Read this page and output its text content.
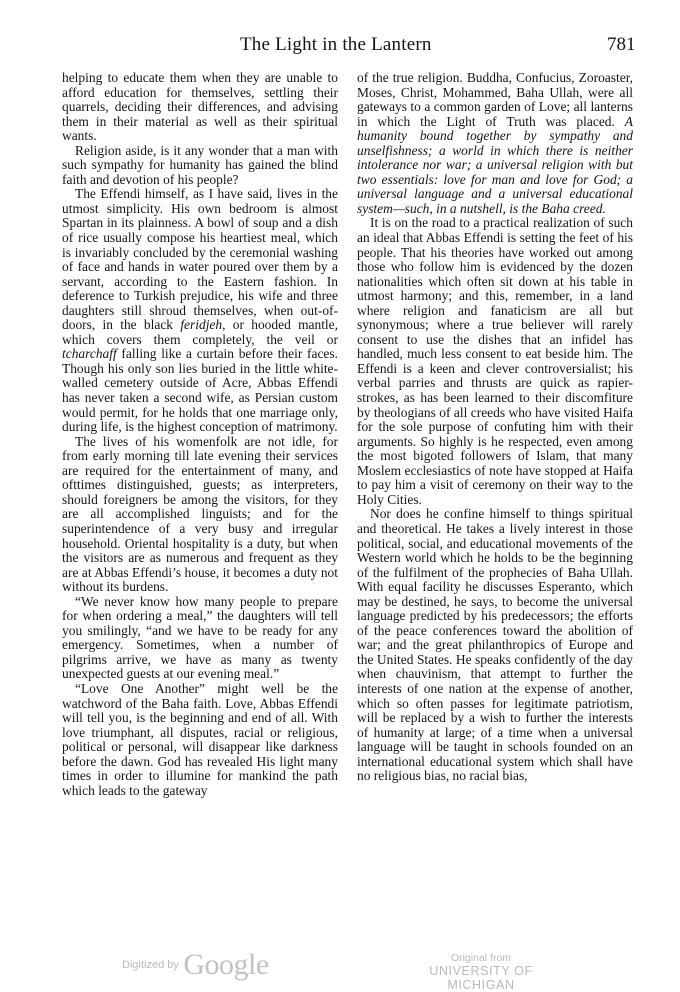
The Light in the Lantern	781

helping to educate them when they are unable to afford education for themselves, settling their quarrels, deciding their differences, and advising them in their material as well as their spiritual wants.

Religion aside, is it any wonder that a man with such sympathy for humanity has gained the blind faith and devotion of his people?

The Effendi himself, as I have said, lives in the utmost simplicity. His own bedroom is almost Spartan in its plainness. A bowl of soup and a dish of rice usually compose his heartiest meal, which is invariably concluded by the ceremonial washing of face and hands in water poured over them by a servant, according to the Eastern fashion. In deference to Turkish prejudice, his wife and three daughters still shroud themselves, when out-of-doors, in the black feridjeh, or hooded mantle, which covers them completely, the veil or tcharchaff falling like a curtain before their faces. Though his only son lies buried in the little white-walled cemetery outside of Acre, Abbas Effendi has never taken a second wife, as Persian custom would permit, for he holds that one marriage only, during life, is the highest conception of matrimony.

The lives of his womenfolk are not idle, for from early morning till late evening their services are required for the entertainment of many, and ofttimes distinguished, guests; as interpreters, should foreigners be among the visitors, for they are all accomplished linguists; and for the superintendence of a very busy and irregular household. Oriental hospitality is a duty, but when the visitors are as numerous and frequent as they are at Abbas Effendi’s house, it becomes a duty not without its burdens.

“We never know how many people to prepare for when ordering a meal,” the daughters will tell you smilingly, “and we have to be ready for any emergency. Sometimes, when a number of pilgrims arrive, we have as many as twenty unexpected guests at our evening meal.”

“Love One Another” might well be the watchword of the Baha faith. Love, Abbas Effendi will tell you, is the beginning and end of all. With love triumphant, all disputes, racial or religious, political or personal, will disappear like darkness before the dawn. God has revealed His light many times in order to illumine for mankind the path which leads to the gateway

of the true religion. Buddha, Confucius, Zoroaster, Moses, Christ, Mohammed, Baha Ullah, were all gateways to a common garden of Love; all lanterns in which the Light of Truth was placed. A humanity bound together by sympathy and unselfishness; a world in which there is neither intolerance nor war; a universal religion with but two essentials: love for man and love for God; a universal language and a universal educational system—such, in a nutshell, is the Baha creed.

It is on the road to a practical realization of such an ideal that Abbas Effendi is setting the feet of his people. That his theories have worked out among those who follow him is evidenced by the dozen nationalities which often sit down at his table in utmost harmony; and this, remember, in a land where religion and fanaticism are all but synonymous; where a true believer will rarely consent to use the dishes that an infidel has handled, much less consent to eat beside him. The Effendi is a keen and clever controversialist; his verbal parries and thrusts are quick as rapier-strokes, as has been learned to their discomfiture by theologians of all creeds who have visited Haifa for the sole purpose of confuting him with their arguments. So highly is he respected, even among the most bigoted followers of Islam, that many Moslem ecclesiastics of note have stopped at Haifa to pay him a visit of ceremony on their way to the Holy Cities.

Nor does he confine himself to things spiritual and theoretical. He takes a lively interest in those political, social, and educational movements of the Western world which he holds to be the beginning of the fulfilment of the prophecies of Baha Ullah. With equal facility he discusses Esperanto, which may be destined, he says, to become the universal language predicted by his predecessors; the efforts of the peace conferences toward the abolition of war; and the great philanthropics of Europe and the United States. He speaks confidently of the day when chauvinism, that attempt to further the interests of one nation at the expense of another, which so often passes for legitimate patriotism, will be replaced by a wish to further the interests of humanity at large; of a time when a universal language will be taught in schools founded on an international educational system which shall have no religious bias, no racial bias,

Digitized by Google	Original from
UNIVERSITY OF MICHIGAN
